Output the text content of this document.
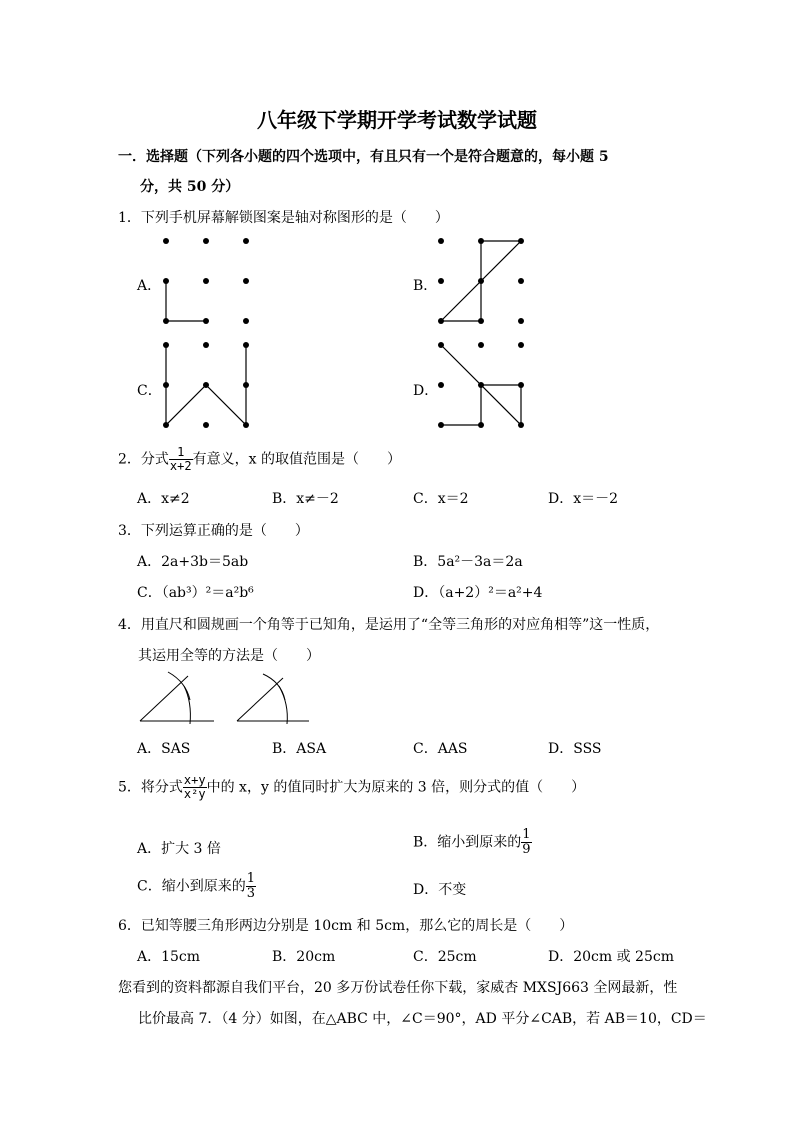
八年级下学期开学考试数学试题
一．选择题（下列各小题的四个选项中，有且只有一个是符合题意的，每小题 5
分，共 50 分）
1．下列手机屏幕解锁图案是轴对称图形的是（　　）
A．	B．
C．	D．
2．分式 $\frac{1}{x+2}$ 有意义，x 的取值范围是（　　）
A．x≠2	B．x≠－2	C．x＝2	D．x＝－2
3．下列运算正确的是（　　）
A．2a+3b＝5ab	B．5a²－3a＝2a
C．（ab³）²＝a²b⁶	D．（a+2）²＝a²+4
4．用直尺和圆规画一个角等于已知角，是运用了“全等三角形的对应角相等”这一性质，
其运用全等的方法是（　　）
A．SAS	B．ASA	C．AAS	D．SSS
5．将分式 $\frac{x+y}{\text{x²y}}$ 中的 x，y 的值同时扩大为原来的 3 倍，则分式的值（　　）
A．扩大 3 倍	B．缩小到原来的 $\frac{1}{9}$
C．缩小到原来的 $\frac{1}{3}$	D．不变
6．已知等腰三角形两边分别是 10cm 和 5cm，那么它的周长是（　　）
A．15cm	B．20cm	C．25cm	D．20cm 或 25cm
您看到的资料都源自我们平台，20 多万份试卷任你下载，家威杏 MXSJ663 全网最新，性
比价最高 7．（4 分）如图，在△ABC 中，∠C＝90°，AD 平分∠CAB，若 AB＝10，CD＝
